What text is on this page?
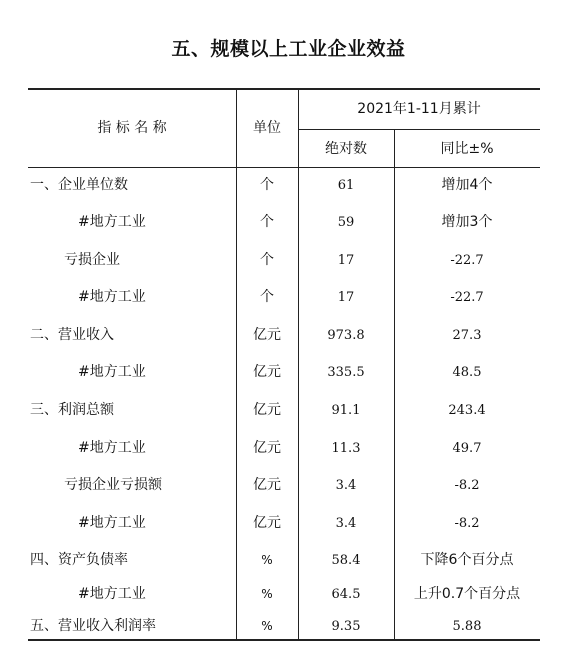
五、规模以上工业企业效益
指 标 名 称	单位
2021年1-11月累计
绝对数	同比±%
一、企业单位数	个	61	增加4个
#地方工业	个	59	增加3个
亏损企业	个	17	-22.7
#地方工业	个	17	-22.7
二、营业收入	亿元	973.8	27.3
#地方工业	亿元	335.5	48.5
三、利润总额	亿元	91.1	243.4
#地方工业	亿元	11.3	49.7
亏损企业亏损额	亿元	3.4	-8.2
#地方工业	亿元	3.4	-8.2
四、资产负债率	%	58.4	下降6个百分点
#地方工业	%	64.5	上升0.7个百分点
五、营业收入利润率	%	9.35	5.88
